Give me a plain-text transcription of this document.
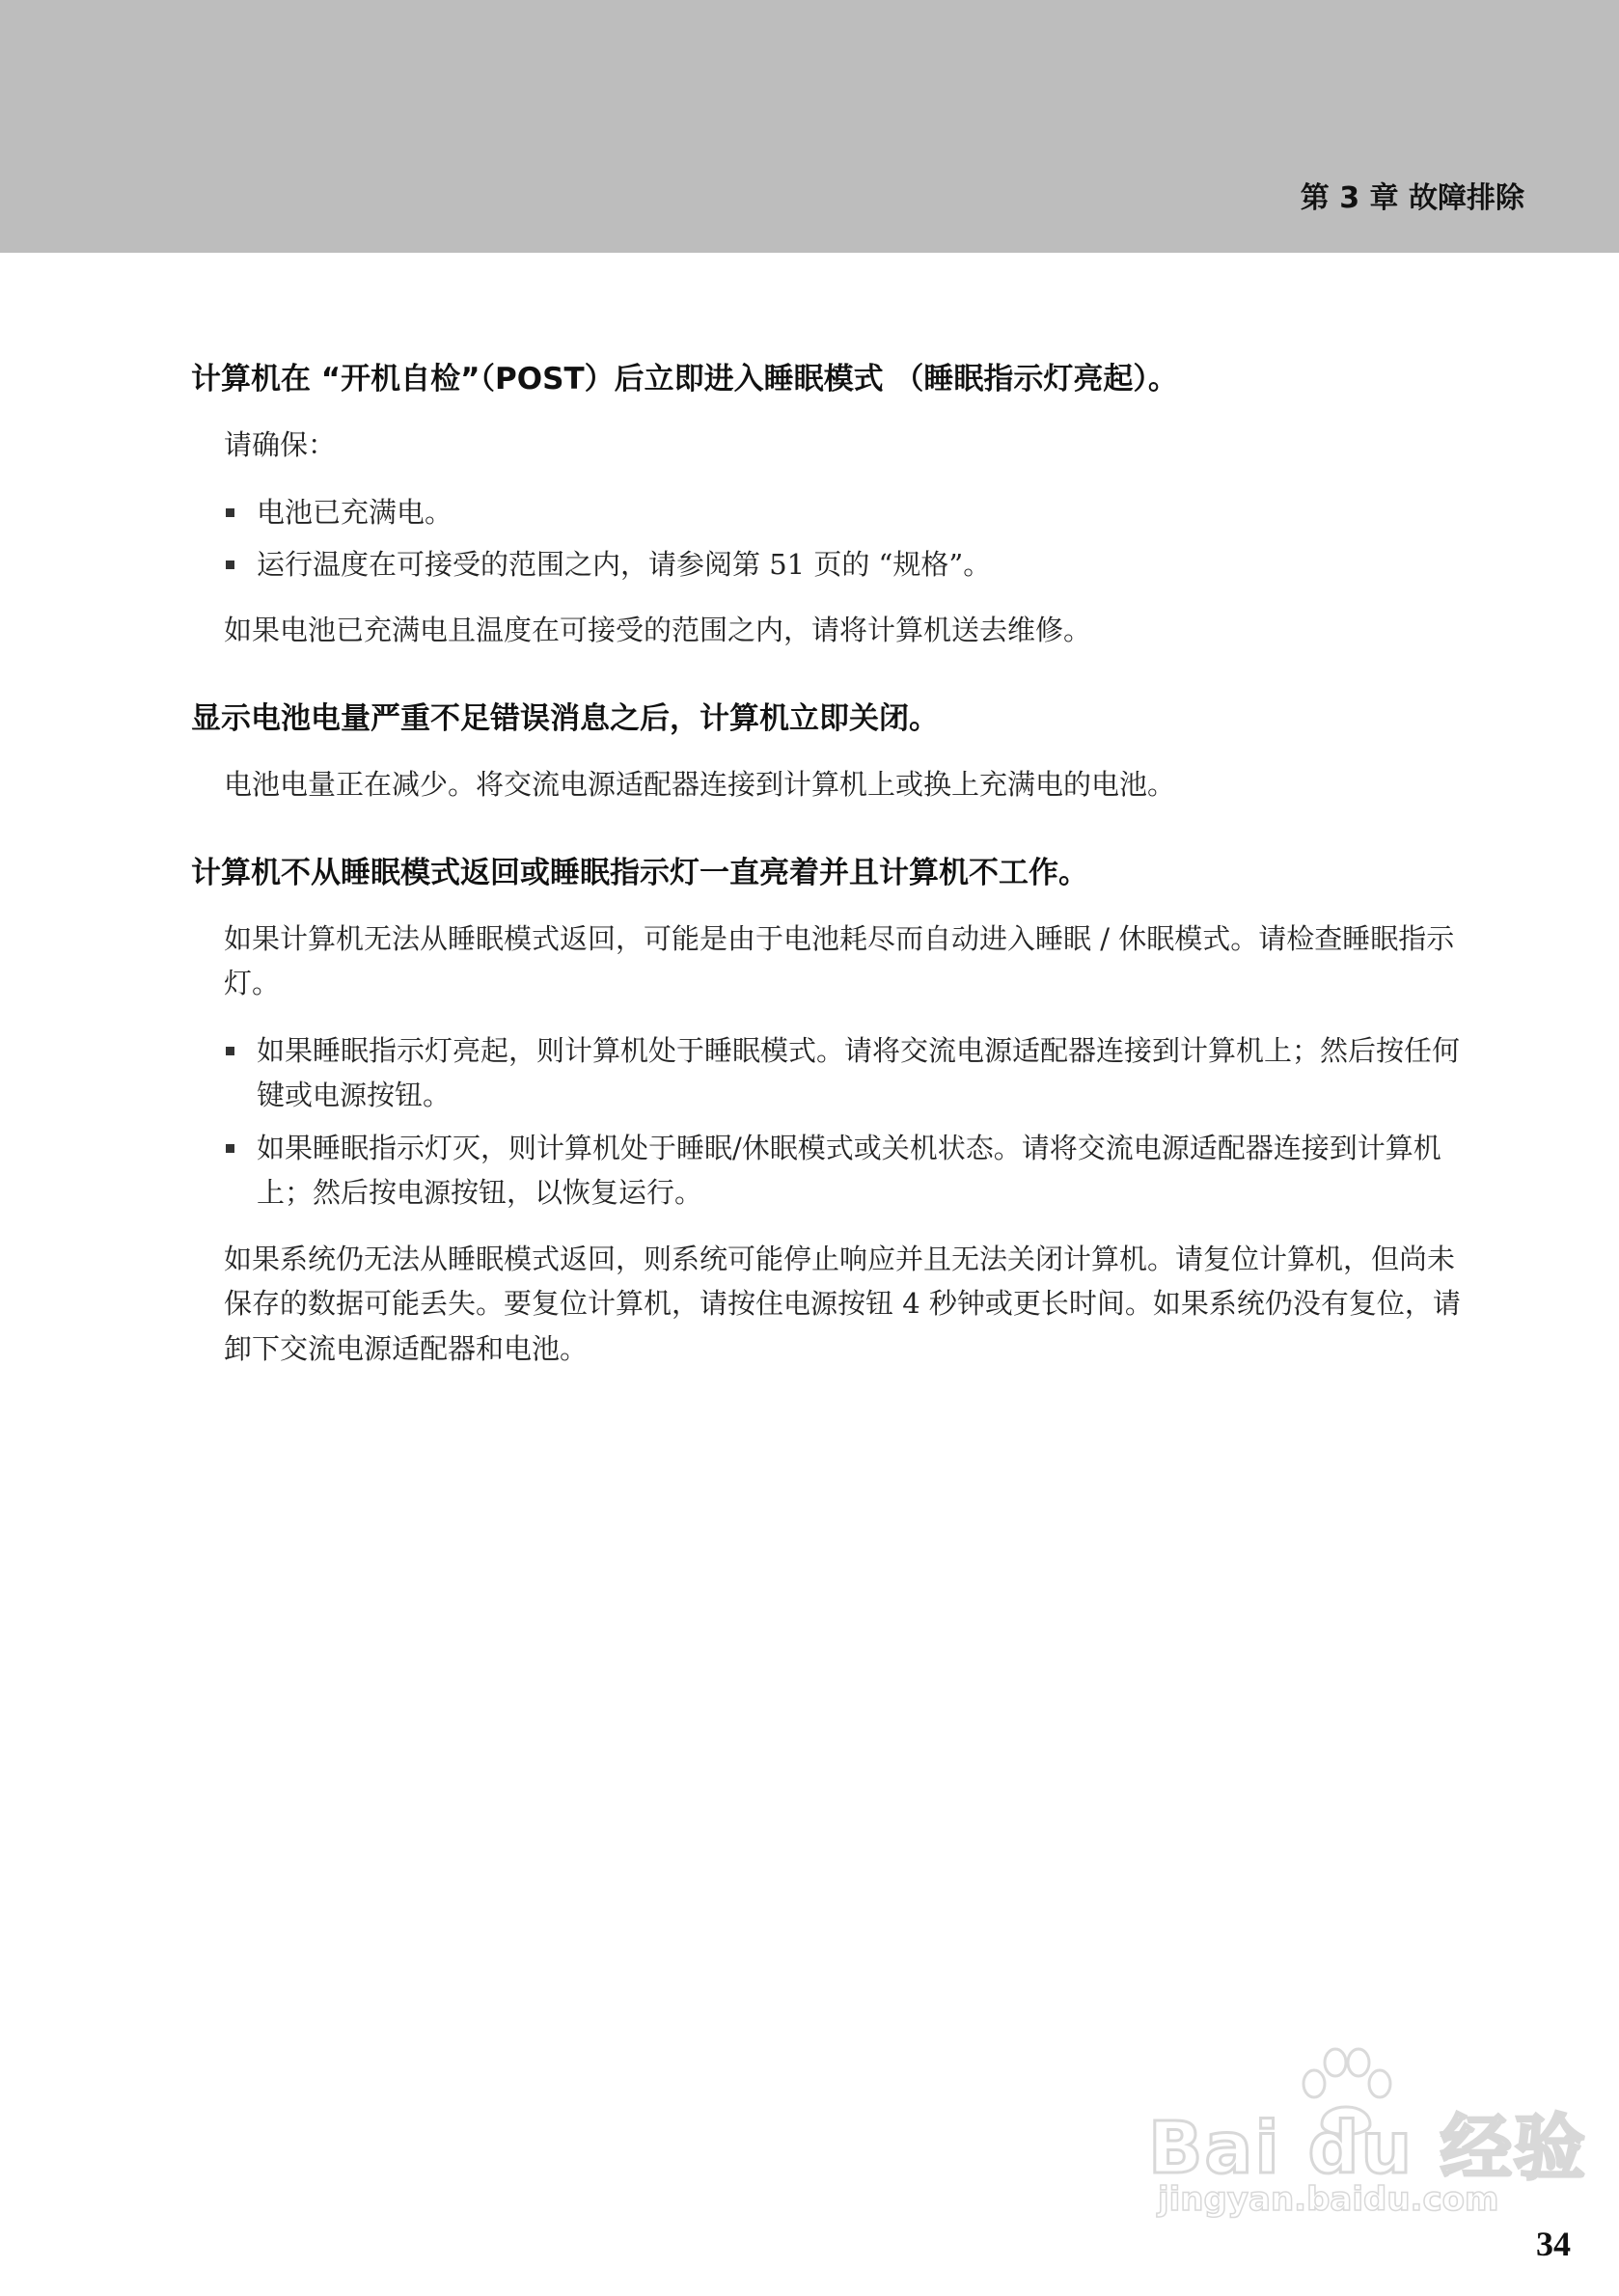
第 3 章 故障排除
计算机在 “开机自检”（POST）后立即进入睡眠模式 （睡眠指示灯亮起）。

请确保：

电池已充满电。
运行温度在可接受的范围之内，请参阅第 51 页的 “规格”。

如果电池已充满电且温度在可接受的范围之内，请将计算机送去维修。

显示电池电量严重不足错误消息之后，计算机立即关闭。

电池电量正在减少。将交流电源适配器连接到计算机上或换上充满电的电池。

计算机不从睡眠模式返回或睡眠指示灯一直亮着并且计算机不工作。

如果计算机无法从睡眠模式返回，可能是由于电池耗尽而自动进入睡眠 / 休眠模式。请检查睡眠指示灯。

如果睡眠指示灯亮起，则计算机处于睡眠模式。请将交流电源适配器连接到计算机上；然后按任何键或电源按钮。
如果睡眠指示灯灭，则计算机处于睡眠/休眠模式或关机状态。请将交流电源适配器连接到计算机上；然后按电源按钮，以恢复运行。

如果系统仍无法从睡眠模式返回，则系统可能停止响应并且无法关闭计算机。请复位计算机，但尚未保存的数据可能丢失。要复位计算机，请按住电源按钮 4 秒钟或更长时间。如果系统仍没有复位，请卸下交流电源适配器和电池。

Bai du 经验
jingyan.baidu.com
34
